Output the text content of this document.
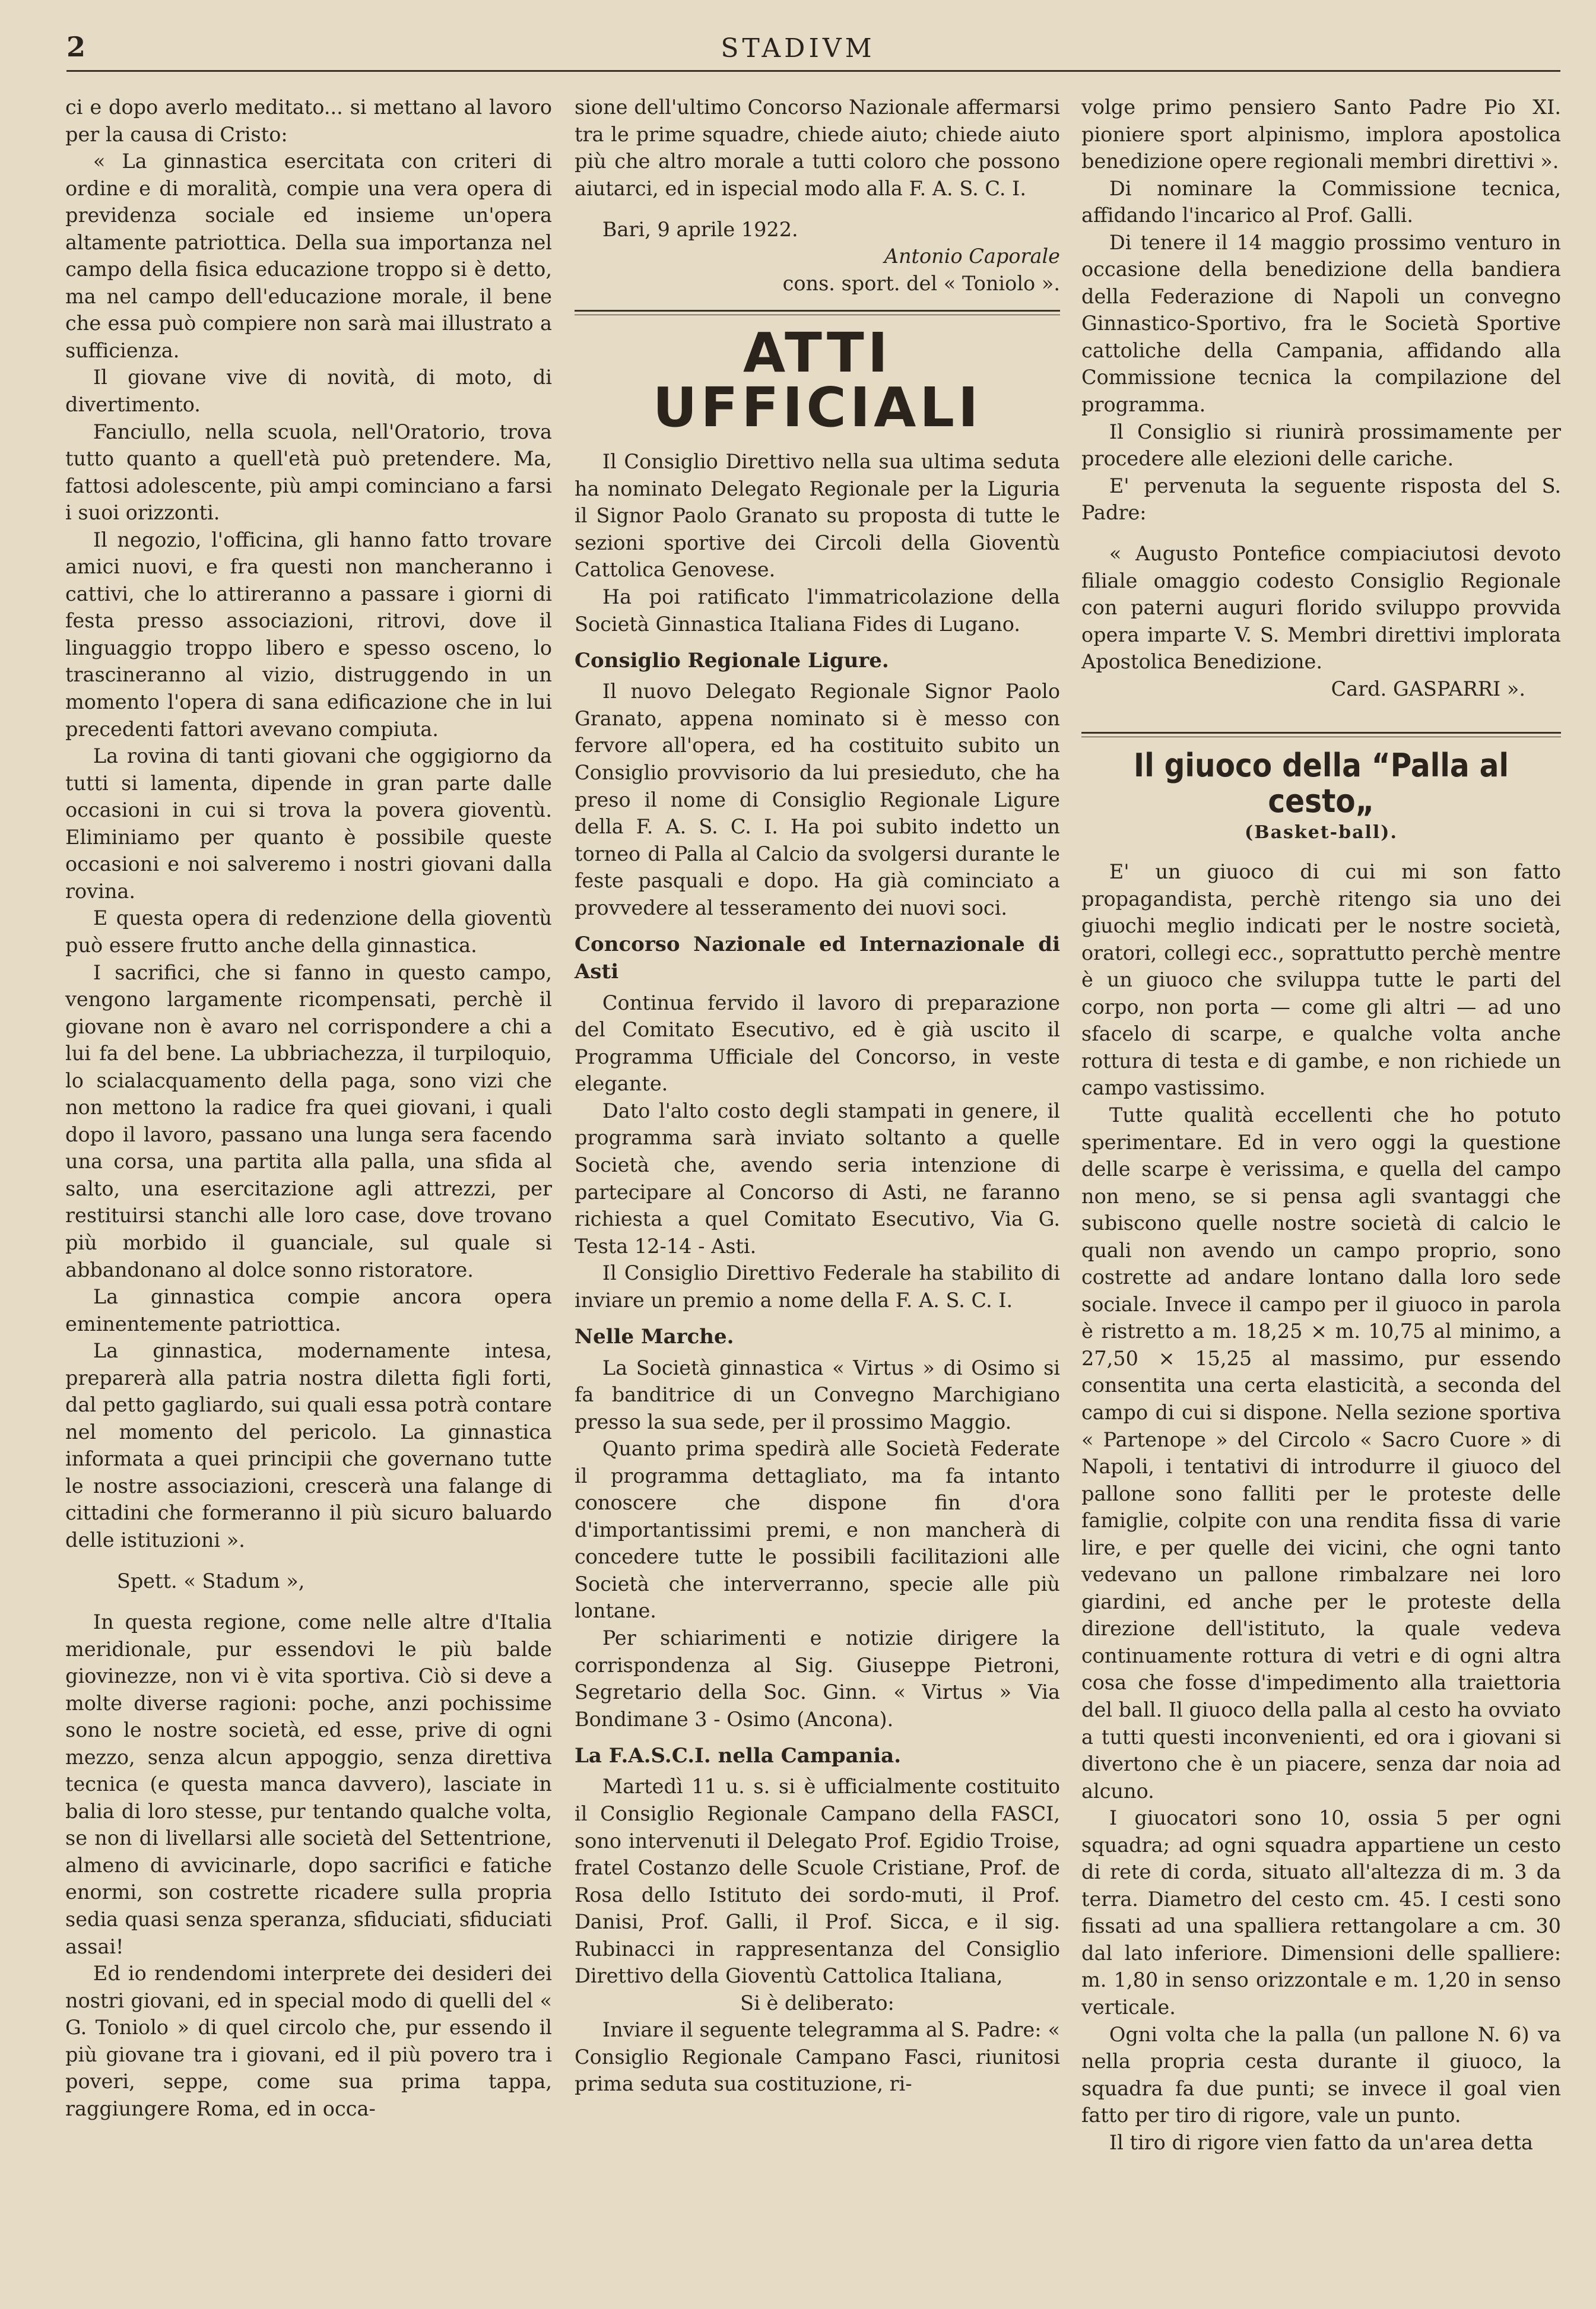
2	STADIVM

ci e dopo averlo meditato... si mettano al lavoro per la causa di Cristo:

« La ginnastica esercitata con criteri di ordine e di moralità, compie una vera opera di previdenza sociale ed insieme un'opera altamente patriottica. Della sua importanza nel campo della fisica educazione troppo si è detto, ma nel campo dell'educazione morale, il bene che essa può compiere non sarà mai illustrato a sufficienza.

Il giovane vive di novità, di moto, di divertimento.

Fanciullo, nella scuola, nell'Oratorio, trova tutto quanto a quell'età può pretendere. Ma, fattosi adolescente, più ampi cominciano a farsi i suoi orizzonti.

Il negozio, l'officina, gli hanno fatto trovare amici nuovi, e fra questi non mancheranno i cattivi, che lo attireranno a passare i giorni di festa presso associazioni, ritrovi, dove il linguaggio troppo libero e spesso osceno, lo trascineranno al vizio, distruggendo in un momento l'opera di sana edificazione che in lui precedenti fattori avevano compiuta.

La rovina di tanti giovani che oggigiorno da tutti si lamenta, dipende in gran parte dalle occasioni in cui si trova la povera gioventù. Eliminiamo per quanto è possibile queste occasioni e noi salveremo i nostri giovani dalla rovina.

E questa opera di redenzione della gioventù può essere frutto anche della ginnastica.

I sacrifici, che si fanno in questo campo, vengono largamente ricompensati, perchè il giovane non è avaro nel corrispondere a chi a lui fa del bene. La ubbriachezza, il turpiloquio, lo scialacquamento della paga, sono vizi che non mettono la radice fra quei giovani, i quali dopo il lavoro, passano una lunga sera facendo una corsa, una partita alla palla, una sfida al salto, una esercitazione agli attrezzi, per restituirsi stanchi alle loro case, dove trovano più morbido il guanciale, sul quale si abbandonano al dolce sonno ristoratore.

La ginnastica compie ancora opera eminentemente patriottica.

La ginnastica, modernamente intesa, preparerà alla patria nostra diletta figli forti, dal petto gagliardo, sui quali essa potrà contare nel momento del pericolo. La ginnastica informata a quei principii che governano tutte le nostre associazioni, crescerà una falange di cittadini che formeranno il più sicuro baluardo delle istituzioni ».

Spett. « Stadum »,

In questa regione, come nelle altre d'Italia meridionale, pur essendovi le più balde giovinezze, non vi è vita sportiva. Ciò si deve a molte diverse ragioni: poche, anzi pochissime sono le nostre società, ed esse, prive di ogni mezzo, senza alcun appoggio, senza direttiva tecnica (e questa manca davvero), lasciate in balia di loro stesse, pur tentando qualche volta, se non di livellarsi alle società del Settentrione, almeno di avvicinarle, dopo sacrifici e fatiche enormi, son costrette ricadere sulla propria sedia quasi senza speranza, sfiduciati, sfiduciati assai!

Ed io rendendomi interprete dei desideri dei nostri giovani, ed in special modo di quelli del « G. Toniolo » di quel circolo che, pur essendo il più giovane tra i giovani, ed il più povero tra i poveri, seppe, come sua prima tappa, raggiungere Roma, ed in occa-

sione dell'ultimo Concorso Nazionale affermarsi tra le prime squadre, chiede aiuto; chiede aiuto più che altro morale a tutti coloro che possono aiutarci, ed in ispecial modo alla F. A. S. C. I.

Bari, 9 aprile 1922.

Antonio Caporale

cons. sport. del « Toniolo ».

ATTI UFFICIALI

Il Consiglio Direttivo nella sua ultima seduta ha nominato Delegato Regionale per la Liguria il Signor Paolo Granato su proposta di tutte le sezioni sportive dei Circoli della Gioventù Cattolica Genovese.

Ha poi ratificato l'immatricolazione della Società Ginnastica Italiana Fides di Lugano.

Consiglio Regionale Ligure.

Il nuovo Delegato Regionale Signor Paolo Granato, appena nominato si è messo con fervore all'opera, ed ha costituito subito un Consiglio provvisorio da lui presieduto, che ha preso il nome di Consiglio Regionale Ligure della F. A. S. C. I. Ha poi subito indetto un torneo di Palla al Calcio da svolgersi durante le feste pasquali e dopo. Ha già cominciato a provvedere al tesseramento dei nuovi soci.

Concorso Nazionale ed Internazionale di Asti

Continua fervido il lavoro di preparazione del Comitato Esecutivo, ed è già uscito il Programma Ufficiale del Concorso, in veste elegante.

Dato l'alto costo degli stampati in genere, il programma sarà inviato soltanto a quelle Società che, avendo seria intenzione di partecipare al Concorso di Asti, ne faranno richiesta a quel Comitato Esecutivo, Via G. Testa 12-14 - Asti.

Il Consiglio Direttivo Federale ha stabilito di inviare un premio a nome della F. A. S. C. I.

Nelle Marche.

La Società ginnastica « Virtus » di Osimo si fa banditrice di un Convegno Marchigiano presso la sua sede, per il prossimo Maggio.

Quanto prima spedirà alle Società Federate il programma dettagliato, ma fa intanto conoscere che dispone fin d'ora d'importantissimi premi, e non mancherà di concedere tutte le possibili facilitazioni alle Società che interverranno, specie alle più lontane.

Per schiarimenti e notizie dirigere la corrispondenza al Sig. Giuseppe Pietroni, Segretario della Soc. Ginn. « Virtus » Via Bondimane 3 - Osimo (Ancona).

La F.A.S.C.I. nella Campania.

Martedì 11 u. s. si è ufficialmente costituito il Consiglio Regionale Campano della FASCI, sono intervenuti il Delegato Prof. Egidio Troise, fratel Costanzo delle Scuole Cristiane, Prof. de Rosa dello Istituto dei sordo-muti, il Prof. Danisi, Prof. Galli, il Prof. Sicca, e il sig. Rubinacci in rappresentanza del Consiglio Direttivo della Gioventù Cattolica Italiana,

Si è deliberato:

Inviare il seguente telegramma al S. Padre: « Consiglio Regionale Campano Fasci, riunitosi prima seduta sua costituzione, ri-

volge primo pensiero Santo Padre Pio XI. pioniere sport alpinismo, implora apostolica benedizione opere regionali membri direttivi ».

Di nominare la Commissione tecnica, affidando l'incarico al Prof. Galli.

Di tenere il 14 maggio prossimo venturo in occasione della benedizione della bandiera della Federazione di Napoli un convegno Ginnastico-Sportivo, fra le Società Sportive cattoliche della Campania, affidando alla Commissione tecnica la compilazione del programma.

Il Consiglio si riunirà prossimamente per procedere alle elezioni delle cariche.

E' pervenuta la seguente risposta del S. Padre:

« Augusto Pontefice compiaciutosi devoto filiale omaggio codesto Consiglio Regionale con paterni auguri florido sviluppo provvida opera imparte V. S. Membri direttivi implorata Apostolica Benedizione.

Card. GASPARRI ».

Il giuoco della “Palla al cesto„
(Basket-ball).

E' un giuoco di cui mi son fatto propagandista, perchè ritengo sia uno dei giuochi meglio indicati per le nostre società, oratori, collegi ecc., soprattutto perchè mentre è un giuoco che sviluppa tutte le parti del corpo, non porta — come gli altri — ad uno sfacelo di scarpe, e qualche volta anche rottura di testa e di gambe, e non richiede un campo vastissimo.

Tutte qualità eccellenti che ho potuto sperimentare. Ed in vero oggi la questione delle scarpe è verissima, e quella del campo non meno, se si pensa agli svantaggi che subiscono quelle nostre società di calcio le quali non avendo un campo proprio, sono costrette ad andare lontano dalla loro sede sociale. Invece il campo per il giuoco in parola è ristretto a m. 18,25 × m. 10,75 al minimo, a 27,50 × 15,25 al massimo, pur essendo consentita una certa elasticità, a seconda del campo di cui si dispone. Nella sezione sportiva « Partenope » del Circolo « Sacro Cuore » di Napoli, i tentativi di introdurre il giuoco del pallone sono falliti per le proteste delle famiglie, colpite con una rendita fissa di varie lire, e per quelle dei vicini, che ogni tanto vedevano un pallone rimbalzare nei loro giardini, ed anche per le proteste della direzione dell'istituto, la quale vedeva continuamente rottura di vetri e di ogni altra cosa che fosse d'impedimento alla traiettoria del ball. Il giuoco della palla al cesto ha ovviato a tutti questi inconvenienti, ed ora i giovani si divertono che è un piacere, senza dar noia ad alcuno.

I giuocatori sono 10, ossia 5 per ogni squadra; ad ogni squadra appartiene un cesto di rete di corda, situato all'altezza di m. 3 da terra. Diametro del cesto cm. 45. I cesti sono fissati ad una spalliera rettangolare a cm. 30 dal lato inferiore. Dimensioni delle spalliere: m. 1,80 in senso orizzontale e m. 1,20 in senso verticale.

Ogni volta che la palla (un pallone N. 6) va nella propria cesta durante il giuoco, la squadra fa due punti; se invece il goal vien fatto per tiro di rigore, vale un punto.

Il tiro di rigore vien fatto da un'area detta
